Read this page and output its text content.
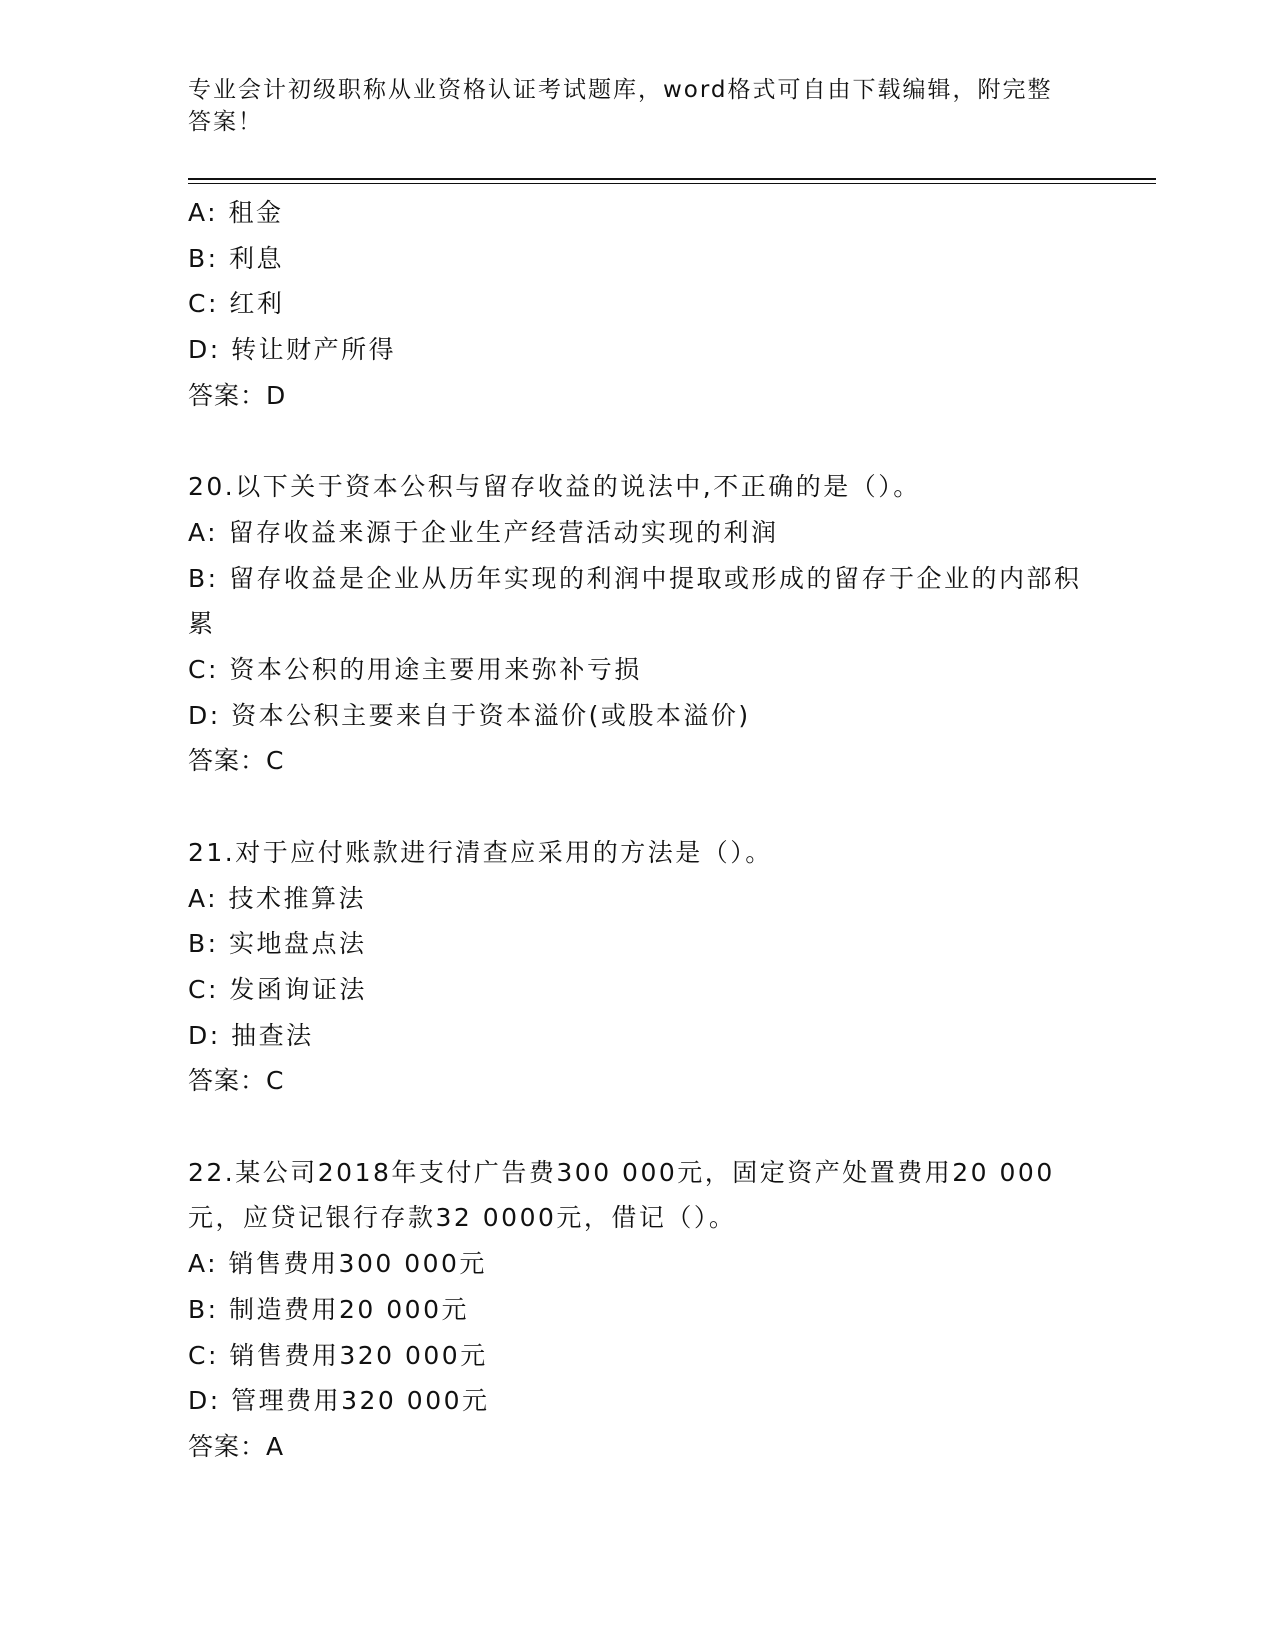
专业会计初级职称从业资格认证考试题库，word格式可自由下载编辑，附完整答案！

A: 租金

B: 利息

C: 红利

D: 转让财产所得

答案：D

20.以下关于资本公积与留存收益的说法中,不正确的是（）。

A: 留存收益来源于企业生产经营活动实现的利润

B: 留存收益是企业从历年实现的利润中提取或形成的留存于企业的内部积累

C: 资本公积的用途主要用来弥补亏损

D: 资本公积主要来自于资本溢价(或股本溢价)

答案：C

21.对于应付账款进行清查应采用的方法是（）。

A: 技术推算法

B: 实地盘点法

C: 发函询证法

D: 抽查法

答案：C

22.某公司2018年支付广告费300 000元，固定资产处置费用20 000元，应贷记银行存款32 0000元，借记（）。

A: 销售费用300 000元

B: 制造费用20 000元

C: 销售费用320 000元

D: 管理费用320 000元

答案：A
